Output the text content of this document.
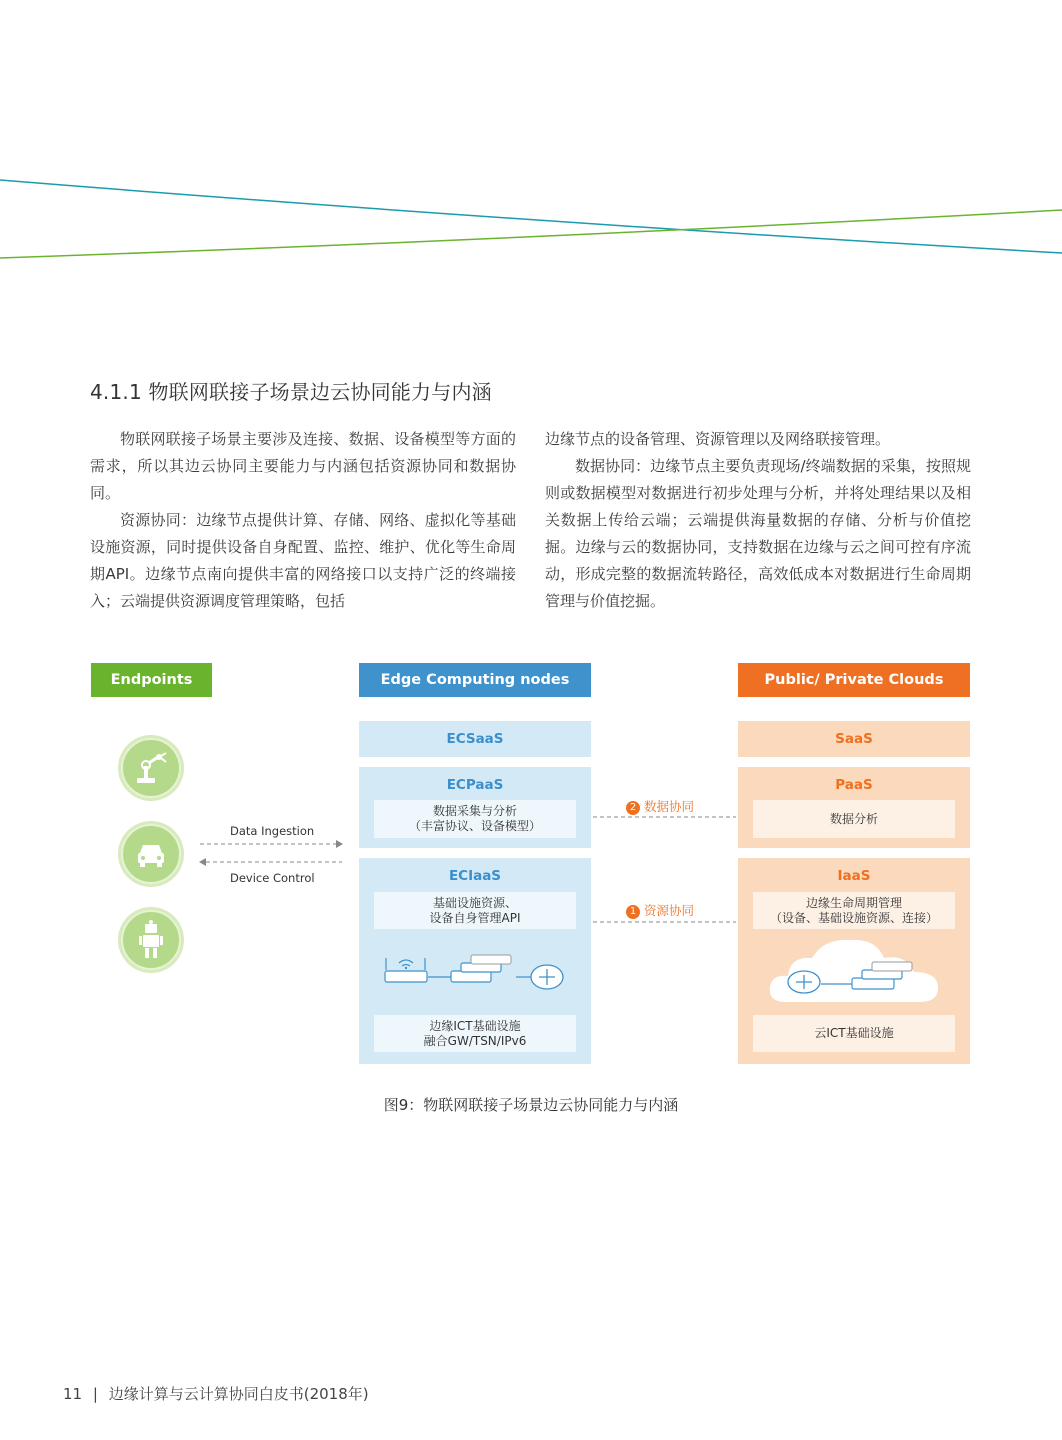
4.1.1 物联网联接子场景边云协同能力与内涵

物联网联接子场景主要涉及连接、数据、设备模型等方面的需求，所以其边云协同主要能力与内涵包括资源协同和数据协同。

资源协同：边缘节点提供计算、存储、网络、虚拟化等基础设施资源，同时提供设备自身配置、监控、维护、优化等生命周期API。边缘节点南向提供丰富的网络接口以支持广泛的终端接入；云端提供资源调度管理策略，包括

边缘节点的设备管理、资源管理以及网络联接管理。

数据协同：边缘节点主要负责现场/终端数据的采集，按照规则或数据模型对数据进行初步处理与分析，并将处理结果以及相关数据上传给云端；云端提供海量数据的存储、分析与价值挖掘。边缘与云的数据协同，支持数据在边缘与云之间可控有序流动，形成完整的数据流转路径，高效低成本对数据进行生命周期管理与价值挖掘。

Endpoints	Edge Computing nodes	Public/ Private Clouds
Data Ingestion
Device Control
ECSaaS
ECPaaS
数据采集与分析
（丰富协议、设备模型）
ECIaaS
基础设施资源、
设备自身管理API
边缘ICT基础设施
融合GW/TSN/IPv6
2 数据协同
1 资源协同
SaaS
PaaS
数据分析
IaaS
边缘生命周期管理
（设备、基础设施资源、连接）
云ICT基础设施
图9：物联网联接子场景边云协同能力与内涵
11 | 边缘计算与云计算协同白皮书(2018年)
